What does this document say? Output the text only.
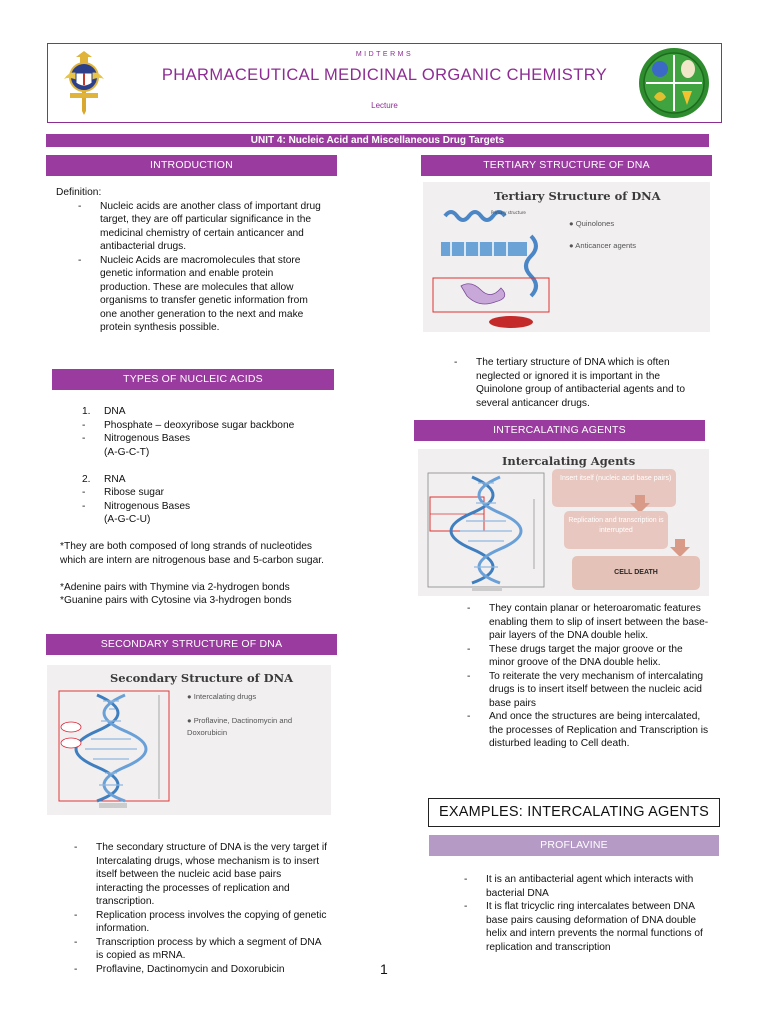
MIDTERMS
PHARMACEUTICAL MEDICINAL ORGANIC CHEMISTRY
Lecture
UNIT 4: Nucleic Acid and Miscellaneous Drug Targets
INTRODUCTION
Definition:
- Nucleic acids are another class of important drug target, they are off particular significance in the medicinal chemistry of certain anticancer and antibacterial drugs.
- Nucleic Acids are macromolecules that store genetic information and enable protein production. These are molecules that allow organisms to transfer genetic information from one another generation to the next and make protein synthesis possible.
TYPES OF NUCLEIC ACIDS
1. DNA
- Phosphate – deoxyribose sugar backbone
- Nitrogenous Bases
(A-G-C-T)
2. RNA
- Ribose sugar
- Nitrogenous Bases
(A-G-C-U)
*They are both composed of long strands of nucleotides which are intern are nitrogenous base and 5-carbon sugar.
*Adenine pairs with Thymine via 2-hydrogen bonds
*Guanine pairs with Cytosine via 3-hydrogen bonds
SECONDARY STRUCTURE OF DNA
Secondary Structure of DNA
● Intercalating drugs
● Proflavine, Dactinomycin and Doxorubicin
- The secondary structure of DNA is the very target if Intercalating drugs, whose mechanism is to insert itself between the nucleic acid base pairs interacting the processes of replication and transcription.
- Replication process involves the copying of genetic information.
- Transcription process by which a segment of DNA is copied as mRNA.
- Proflavine, Dactinomycin and Doxorubicin
TERTIARY STRUCTURE OF DNA
Tertiary Structure of DNA
Primary structure
● Quinolones
● Anticancer agents
- The tertiary structure of DNA which is often neglected or ignored it is important in the Quinolone group of antibacterial agents and to several anticancer drugs.
INTERCALATING AGENTS
Intercalating Agents
Insert itself (nucleic acid base pairs)
Replication and transcription is interrupted
CELL DEATH
- They contain planar or heteroaromatic features enabling them to slip of insert between the base-pair layers of the DNA double helix.
- These drugs target the major groove or the minor groove of the DNA double helix.
- To reiterate the very mechanism of intercalating drugs is to insert itself between the nucleic acid base pairs
- And once the structures are being intercalated, the processes of Replication and Transcription is disturbed leading to Cell death.
EXAMPLES: INTERCALATING AGENTS
PROFLAVINE
- It is an antibacterial agent which interacts with bacterial DNA
- It is flat tricyclic ring intercalates between DNA base pairs causing deformation of DNA double helix and intern prevents the normal functions of replication and transcription
1
